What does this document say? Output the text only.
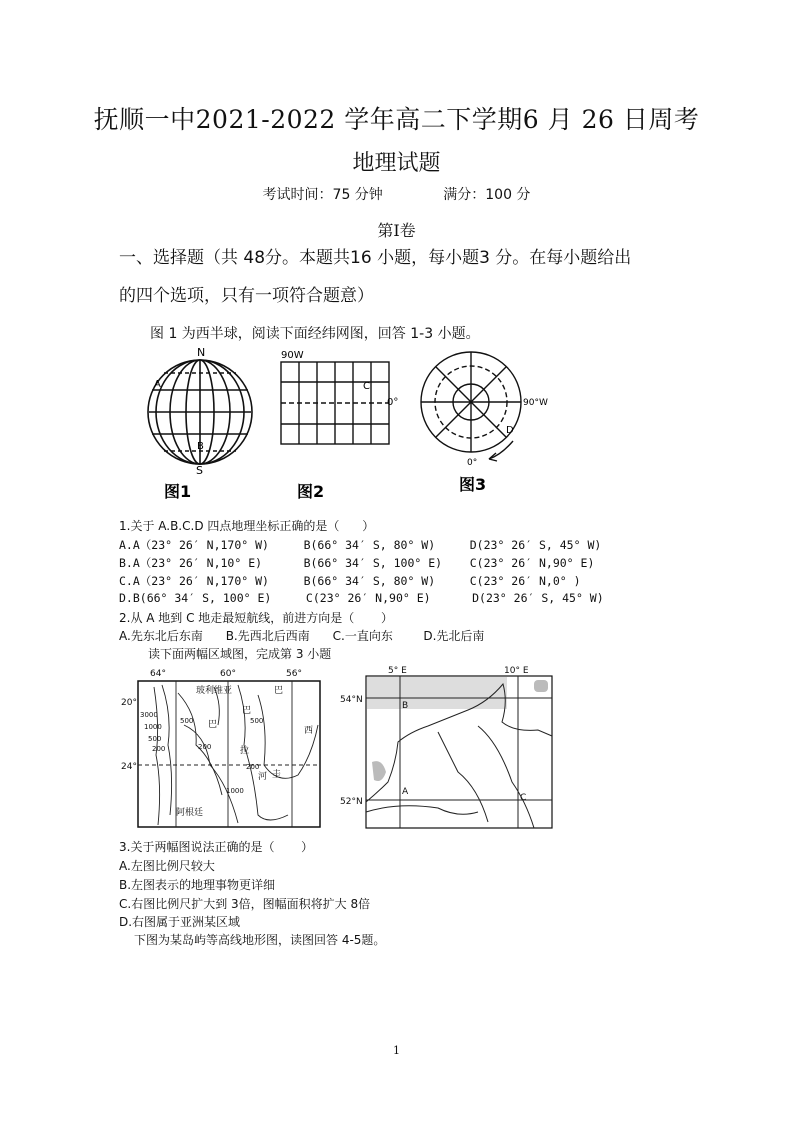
抚顺一中2021-2022 学年高二下学期6 月 26 日周考
地理试题
考试时间：75 分钟	满分：100 分
第Ⅰ卷
一、选择题（共 48分。本题共16 小题，每小题3 分。在每小题给出
的四个选项，只有一项符合题意）
图 1 为西半球，阅读下面经纬网图，回答 1-3 小题。
N
S
A
B
图1
90W
C
0°
图2
90°W
D
0°
图3
1.关于 A.B.C.D 四点地理坐标正确的是（      ）
A.A（23° 26′ N,170° W)     B(66° 34′ S, 80° W)     D(23° 26′ S, 45° W)
B.A（23° 26′ N,10° E)      B(66° 34′ S, 100° E)    C(23° 26′ N,90° E)
C.A（23° 26′ N,170° W)     B(66° 34′ S, 80° W)     C(23° 26′ N,0° )
D.B(66° 34′ S, 100° E)     C(23° 26′ N,90° E)      D(23° 26′ S, 45° W)
2.从 A 地到 C 地走最短航线，前进方向是（       ）
A.先东北后东南      B.先西北后西南      C.一直向东        D.先北后南
读下面两幅区域图，完成第 3 小题
64°	60°	56°
20°
24°
玻利维亚	巴
西
巴
巴
拉
圭
河
阿根廷
3000
1000
500
200
500
200
1000
500
200
5° E	10° E
54°N
52°N
A
B
C
3.关于两幅图说法正确的是（       ）
A.左图比例尺较大
B.左图表示的地理事物更详细
C.右图比例尺扩大到 3倍，图幅面积将扩大 8倍
D.右图属于亚洲某区域
下图为某岛屿等高线地形图，读图回答 4-5题。
1
